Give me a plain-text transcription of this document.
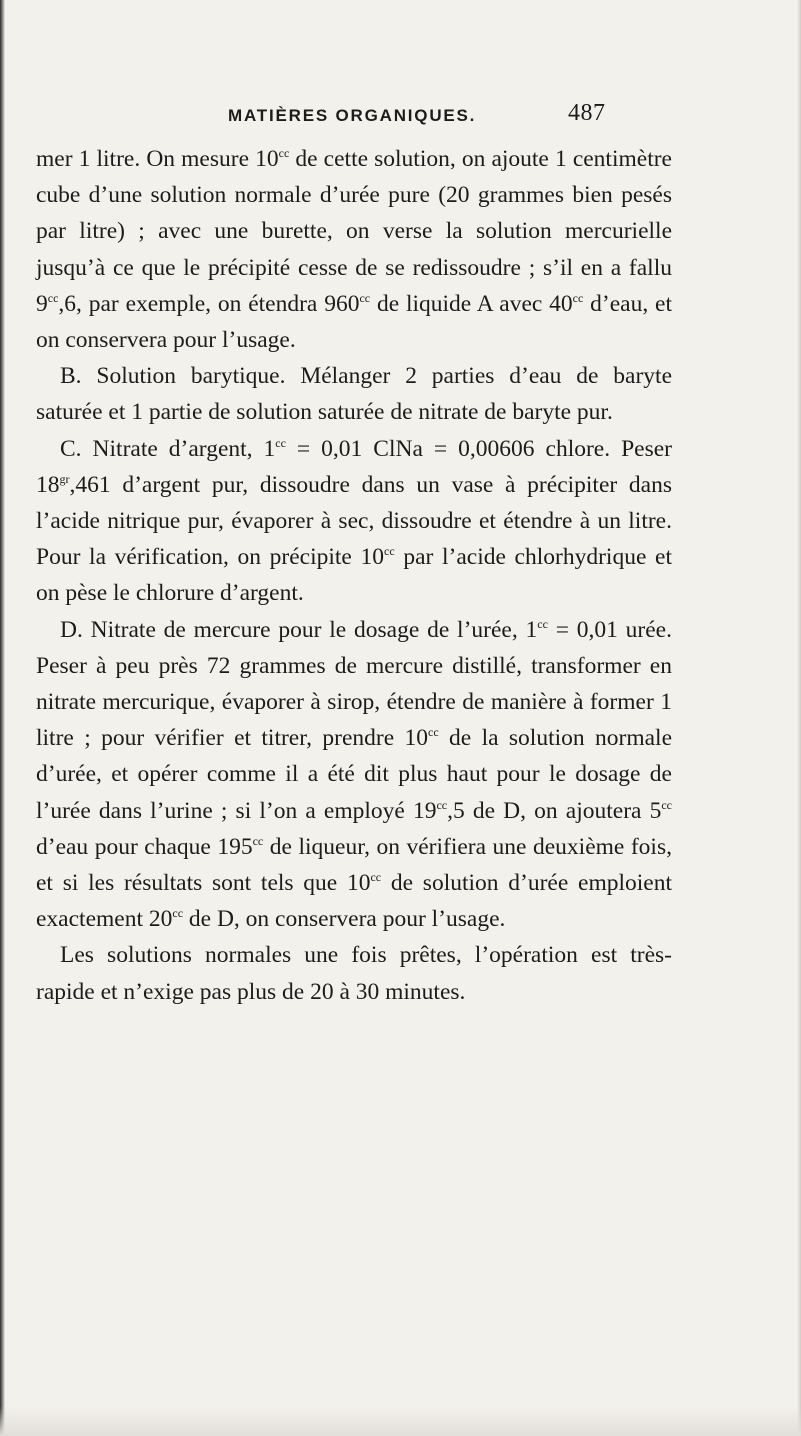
MATIÈRES ORGANIQUES.	487

mer 1 litre. On mesure $10^{cc}$ de cette solution, on ajoute 1 centimètre cube d’une solution normale d’urée pure (20 grammes bien pesés par litre) ; avec une burette, on verse la solution mercurielle jusqu’à ce que le précipité cesse de se redissoudre ; s’il en a fallu $9^{cc},6$, par exemple, on étendra $960^{cc}$ de liquide A avec $40^{cc}$ d’eau, et on conservera pour l’usage.

B. Solution barytique. Mélanger 2 parties d’eau de baryte saturée et 1 partie de solution saturée de nitrate de baryte pur.

C. Nitrate d’argent, $1^{cc} = 0,01$ ClNa = 0,00606 chlore. Peser $18^{gr},461$ d’argent pur, dissoudre dans un vase à précipiter dans l’acide nitrique pur, évaporer à sec, dissoudre et étendre à un litre. Pour la vérification, on précipite $10^{cc}$ par l’acide chlorhydrique et on pèse le chlorure d’argent.

D. Nitrate de mercure pour le dosage de l’urée, $1^{cc} = 0,01$ urée. Peser à peu près 72 grammes de mercure distillé, transformer en nitrate mercurique, évaporer à sirop, étendre de manière à former 1 litre ; pour vérifier et titrer, prendre $10^{cc}$ de la solution normale d’urée, et opérer comme il a été dit plus haut pour le dosage de l’urée dans l’urine ; si l’on a employé $19^{cc},5$ de D, on ajoutera $5^{cc}$ d’eau pour chaque $195^{cc}$ de liqueur, on vérifiera une deuxième fois, et si les résultats sont tels que $10^{cc}$ de solution d’urée emploient exactement $20^{cc}$ de D, on conservera pour l’usage.

Les solutions normales une fois prêtes, l’opération est très-rapide et n’exige pas plus de 20 à 30 minutes.
